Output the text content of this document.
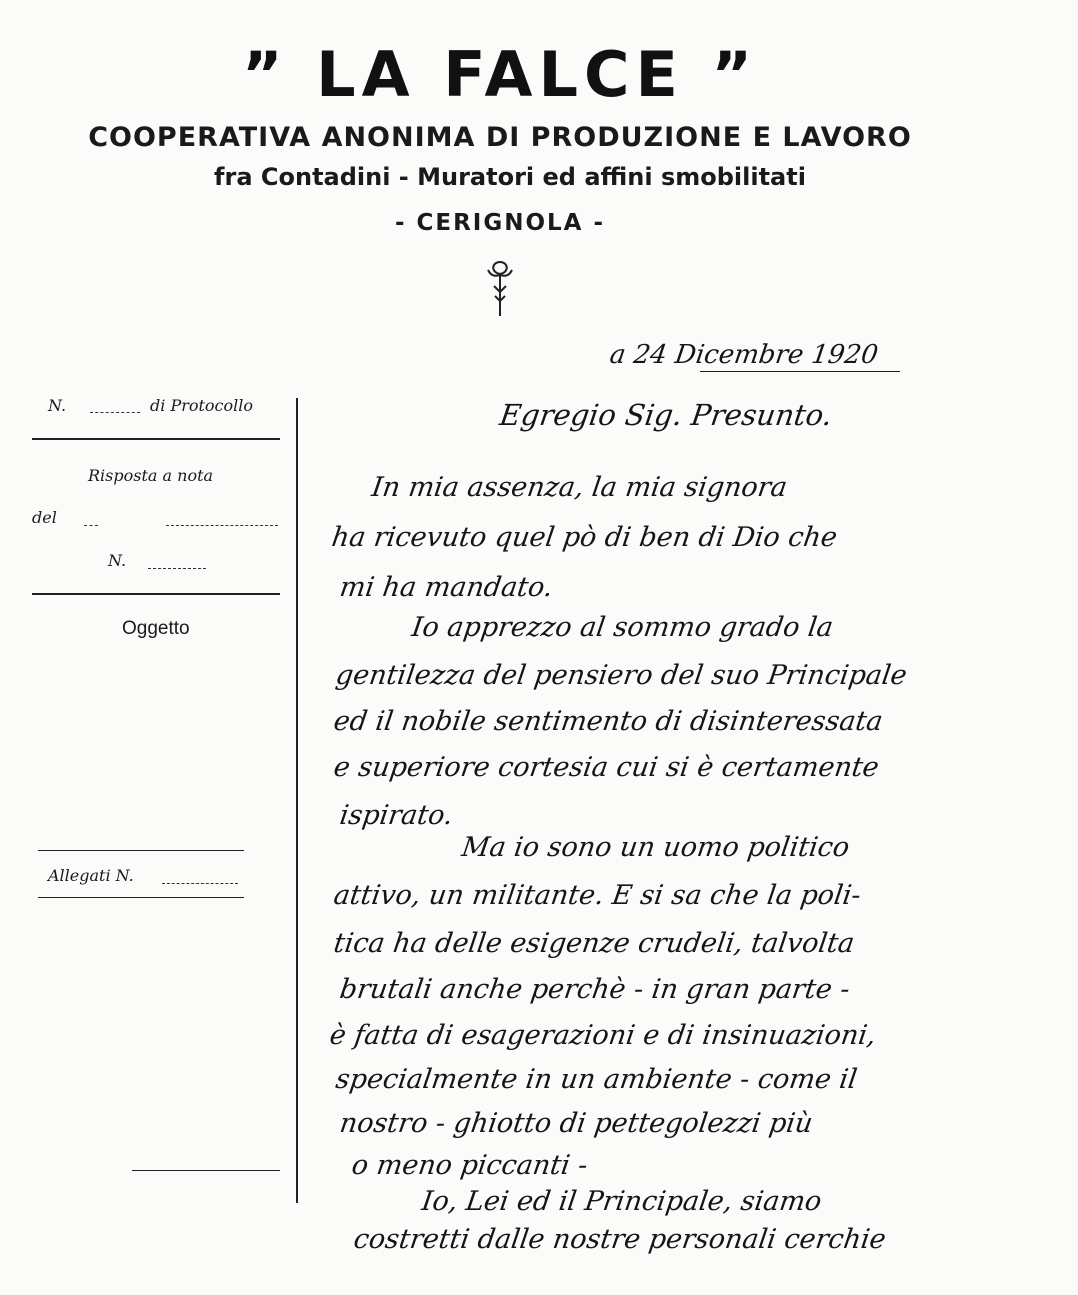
” LA FALCE ”
COOPERATIVA ANONIMA DI PRODUZIONE E LAVORO
fra Contadini - Muratori ed affini smobilitati
- CERIGNOLA -
N.	di Protocollo
Risposta a nota
del
N.
Oggetto
Allegati N.
a 24 Dicembre 1920
Egregio Sig. Presunto.
In mia assenza, la mia signora
ha ricevuto quel pò di ben di Dio che
mi ha mandato.
Io apprezzo al sommo grado la
gentilezza del pensiero del suo Principale
ed il nobile sentimento di disinteressata
e superiore cortesia cui si è certamente
ispirato.
Ma io sono un uomo politico
attivo, un militante. E si sa che la poli-
tica ha delle esigenze crudeli, talvolta
brutali anche perchè - in gran parte -
è fatta di esagerazioni e di insinuazioni,
specialmente in un ambiente - come il
nostro - ghiotto di pettegolezzi più
o meno piccanti -
Io, Lei ed il Principale, siamo
costretti dalle nostre personali cerchie
